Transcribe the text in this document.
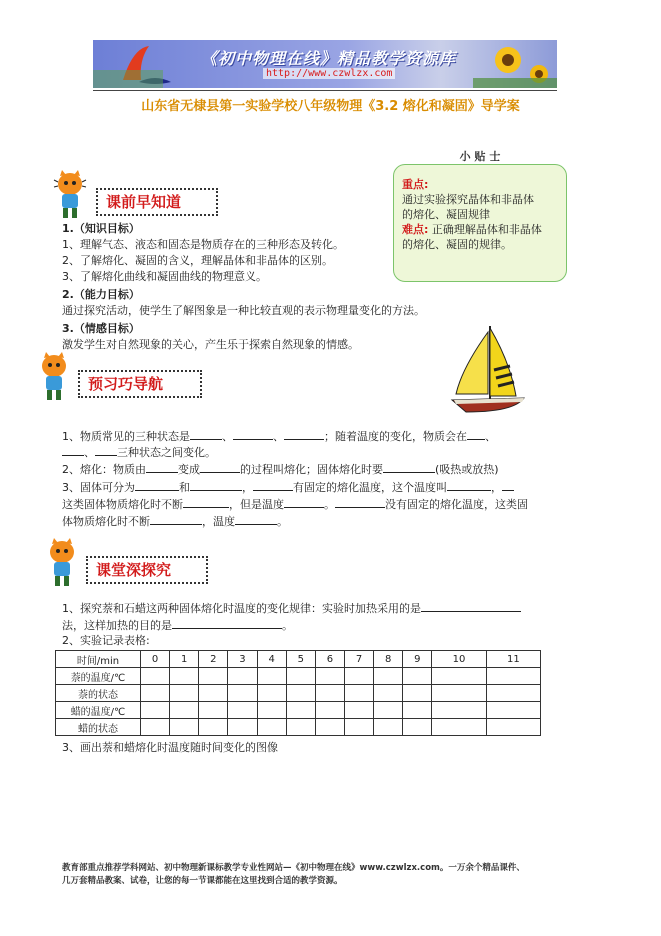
《初中物理在线》精品教学资源库
http://www.czwlzx.com
山东省无棣县第一实验学校八年级物理《3.2 熔化和凝固》导学案
小 贴 士
重点:
通过实验探究晶体和非晶体
的熔化、凝固规律
难点: 正确理解晶体和非晶体
的熔化、凝固的规律。
课前早知道
1.（知识目标）
1、理解气态、液态和固态是物质存在的三种形态及转化。
2、了解熔化、凝固的含义，理解晶体和非晶体的区别。
3、了解熔化曲线和凝固曲线的物理意义。
2.（能力目标）
通过探究活动，使学生了解图象是一种比较直观的表示物理量变化的方法。
3.（情感目标）
激发学生对自然现象的关心，产生乐于探索自然现象的情感。
预习巧导航
1、物质常见的三种状态是	、	、	；随着温度的变化，物质会在 、
、 三种状态之间变化。
2、熔化：物质由	变成	的过程叫熔化；固体熔化时要	(吸热或放热)
3、固体可分为	和	，	有固定的熔化温度，这个温度叫	，
这类固体物质熔化时不断	，但是温度	。	没有固定的熔化温度，这类固
体物质熔化时不断	，温度	。
课堂深探究
1、探究萘和石蜡这两种固体熔化时温度的变化规律：实验时加热采用的是
法，这样加热的目的是	。
2、实验记录表格:
时间/min	0	1	2	3	4	5	6	7	8	9	10	11
萘的温度/℃												
萘的状态												
蜡的温度/℃												
蜡的状态												
3、画出萘和蜡熔化时温度随时间变化的图像
教育部重点推荐学科网站、初中物理新课标教学专业性网站—《初中物理在线》www.czwlzx.com。一万余个精品课件、
几万套精品教案、试卷，让您的每一节课都能在这里找到合适的教学资源。
